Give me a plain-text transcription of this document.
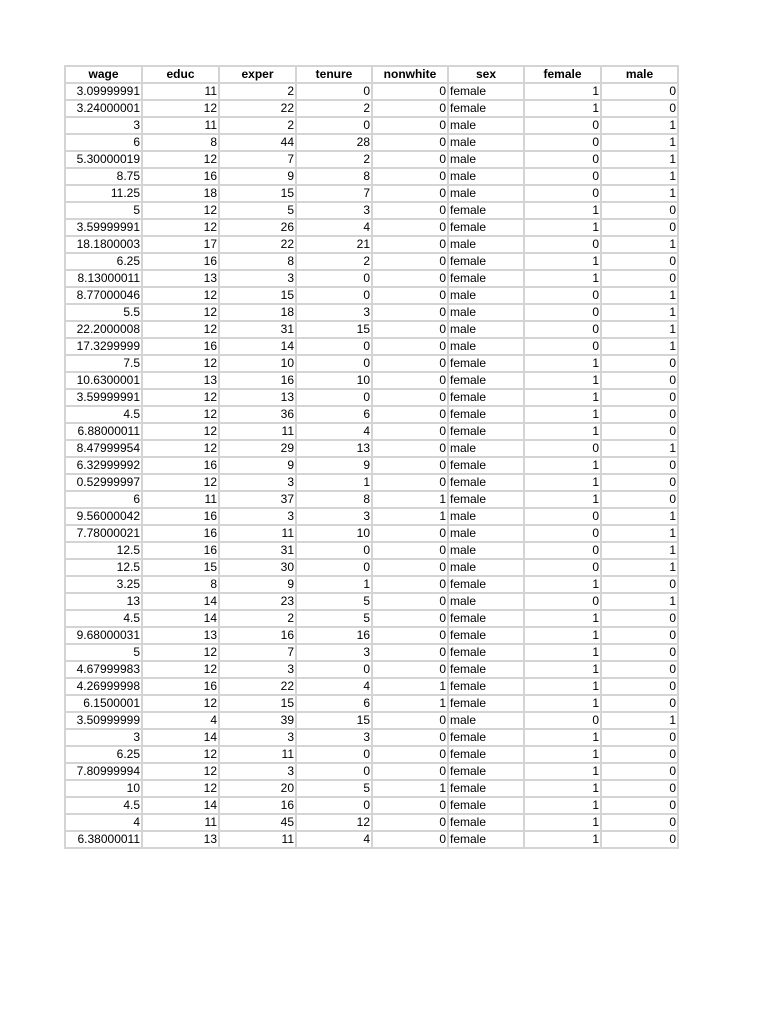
wage	educ	exper	tenure	nonwhite	sex	female	male
3.09999991	11	2	0	0	female	1	0
3.24000001	12	22	2	0	female	1	0
3	11	2	0	0	male	0	1
6	8	44	28	0	male	0	1
5.30000019	12	7	2	0	male	0	1
8.75	16	9	8	0	male	0	1
11.25	18	15	7	0	male	0	1
5	12	5	3	0	female	1	0
3.59999991	12	26	4	0	female	1	0
18.1800003	17	22	21	0	male	0	1
6.25	16	8	2	0	female	1	0
8.13000011	13	3	0	0	female	1	0
8.77000046	12	15	0	0	male	0	1
5.5	12	18	3	0	male	0	1
22.2000008	12	31	15	0	male	0	1
17.3299999	16	14	0	0	male	0	1
7.5	12	10	0	0	female	1	0
10.6300001	13	16	10	0	female	1	0
3.59999991	12	13	0	0	female	1	0
4.5	12	36	6	0	female	1	0
6.88000011	12	11	4	0	female	1	0
8.47999954	12	29	13	0	male	0	1
6.32999992	16	9	9	0	female	1	0
0.52999997	12	3	1	0	female	1	0
6	11	37	8	1	female	1	0
9.56000042	16	3	3	1	male	0	1
7.78000021	16	11	10	0	male	0	1
12.5	16	31	0	0	male	0	1
12.5	15	30	0	0	male	0	1
3.25	8	9	1	0	female	1	0
13	14	23	5	0	male	0	1
4.5	14	2	5	0	female	1	0
9.68000031	13	16	16	0	female	1	0
5	12	7	3	0	female	1	0
4.67999983	12	3	0	0	female	1	0
4.26999998	16	22	4	1	female	1	0
6.1500001	12	15	6	1	female	1	0
3.50999999	4	39	15	0	male	0	1
3	14	3	3	0	female	1	0
6.25	12	11	0	0	female	1	0
7.80999994	12	3	0	0	female	1	0
10	12	20	5	1	female	1	0
4.5	14	16	0	0	female	1	0
4	11	45	12	0	female	1	0
6.38000011	13	11	4	0	female	1	0
